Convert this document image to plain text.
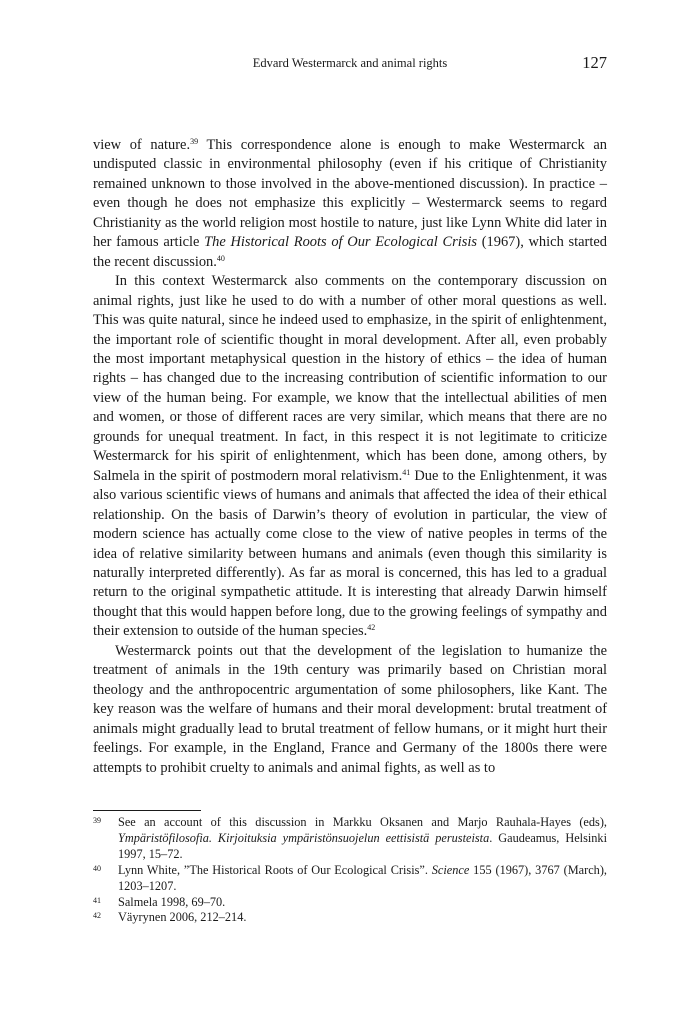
Edvard Westermarck and animal rights	127

view of nature.$^{39}$ This correspondence alone is enough to make Westermarck an undisputed classic in environmental philosophy (even if his critique of Christianity remained unknown to those involved in the above-mentioned discussion). In practice – even though he does not emphasize this explicitly – Westermarck seems to regard Christianity as the world religion most hostile to nature, just like Lynn White did later in her famous article The Historical Roots of Our Ecological Crisis (1967), which started the recent discussion.$^{40}$

In this context Westermarck also comments on the contemporary discussion on animal rights, just like he used to do with a number of other moral questions as well. This was quite natural, since he indeed used to emphasize, in the spirit of enlightenment, the important role of scientific thought in moral development. After all, even probably the most important metaphysical question in the history of ethics – the idea of human rights – has changed due to the increasing contribution of scientific information to our view of the human being. For example, we know that the intellectual abilities of men and women, or those of different races are very similar, which means that there are no grounds for unequal treatment. In fact, in this respect it is not legitimate to criticize Westermarck for his spirit of enlightenment, which has been done, among others, by Salmela in the spirit of postmodern moral relativism.$^{41}$ Due to the Enlightenment, it was also various scientific views of humans and animals that affected the idea of their ethical relationship. On the basis of Darwin’s theory of evolution in particular, the view of modern science has actually come close to the view of native peoples in terms of the idea of relative similarity between humans and animals (even though this similarity is naturally interpreted differently). As far as moral is concerned, this has led to a gradual return to the original sympathetic attitude. It is interesting that already Darwin himself thought that this would happen before long, due to the growing feelings of sympathy and their extension to outside of the human species.$^{42}$

Westermarck points out that the development of the legislation to humanize the treatment of animals in the 19th century was primarily based on Christian moral theology and the anthropocentric argumentation of some philosophers, like Kant. The key reason was the welfare of humans and their moral development: brutal treatment of animals might gradually lead to brutal treatment of fellow humans, or it might hurt their feelings. For example, in the England, France and Germany of the 1800s there were attempts to prohibit cruelty to animals and animal fights, as well as to

39 See an account of this discussion in Markku Oksanen and Marjo Rauhala-Hayes (eds), Ympäristöfilosofia. Kirjoituksia ympäristönsuojelun eettisistä perusteista. Gaudeamus, Helsinki 1997, 15–72.

40 Lynn White, ”The Historical Roots of Our Ecological Crisis”. Science 155 (1967), 3767 (March), 1203–1207.

41 Salmela 1998, 69–70.

42 Väyrynen 2006, 212–214.
